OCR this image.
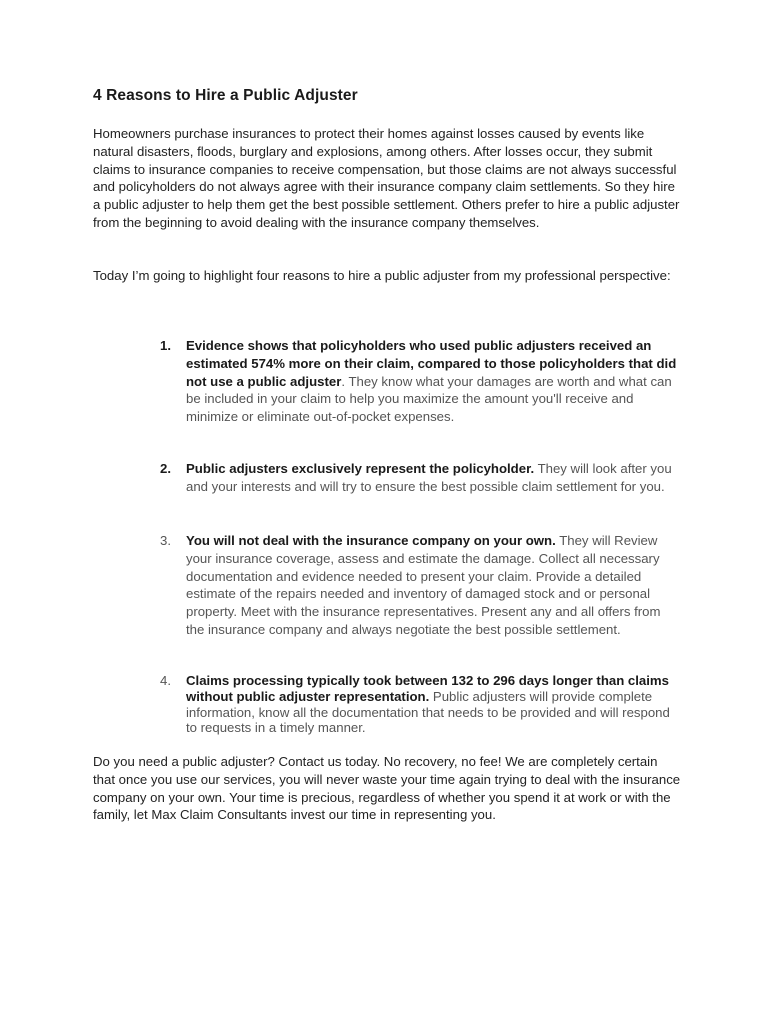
4 Reasons to Hire a Public Adjuster

Homeowners purchase insurances to protect their homes against losses caused by events like natural disasters, floods, burglary and explosions, among others. After losses occur, they submit claims to insurance companies to receive compensation, but those claims are not always successful and policyholders do not always agree with their insurance company claim settlements. So they hire a public adjuster to help them get the best possible settlement. Others prefer to hire a public adjuster from the beginning to avoid dealing with the insurance company themselves.

Today I’m going to highlight four reasons to hire a public adjuster from my professional perspective:

1.	Evidence shows that policyholders who used public adjusters received an estimated 574% more on their claim, compared to those policyholders that did not use a public adjuster. They know what your damages are worth and what can be included in your claim to help you maximize the amount you'll receive and minimize or eliminate out-of-pocket expenses.
2.	Public adjusters exclusively represent the policyholder. They will look after you and your interests and will try to ensure the best possible claim settlement for you.
3.	You will not deal with the insurance company on your own. They will Review your insurance coverage, assess and estimate the damage. Collect all necessary documentation and evidence needed to present your claim. Provide a detailed estimate of the repairs needed and inventory of damaged stock and or personal property. Meet with the insurance representatives. Present any and all offers from the insurance company and always negotiate the best possible settlement.
4.	Claims processing typically took between 132 to 296 days longer than claims without public adjuster representation. Public adjusters will provide complete information, know all the documentation that needs to be provided and will respond to requests in a timely manner.

Do you need a public adjuster? Contact us today. No recovery, no fee! We are completely certain that once you use our services, you will never waste your time again trying to deal with the insurance company on your own. Your time is precious, regardless of whether you spend it at work or with the family, let Max Claim Consultants invest our time in representing you.
